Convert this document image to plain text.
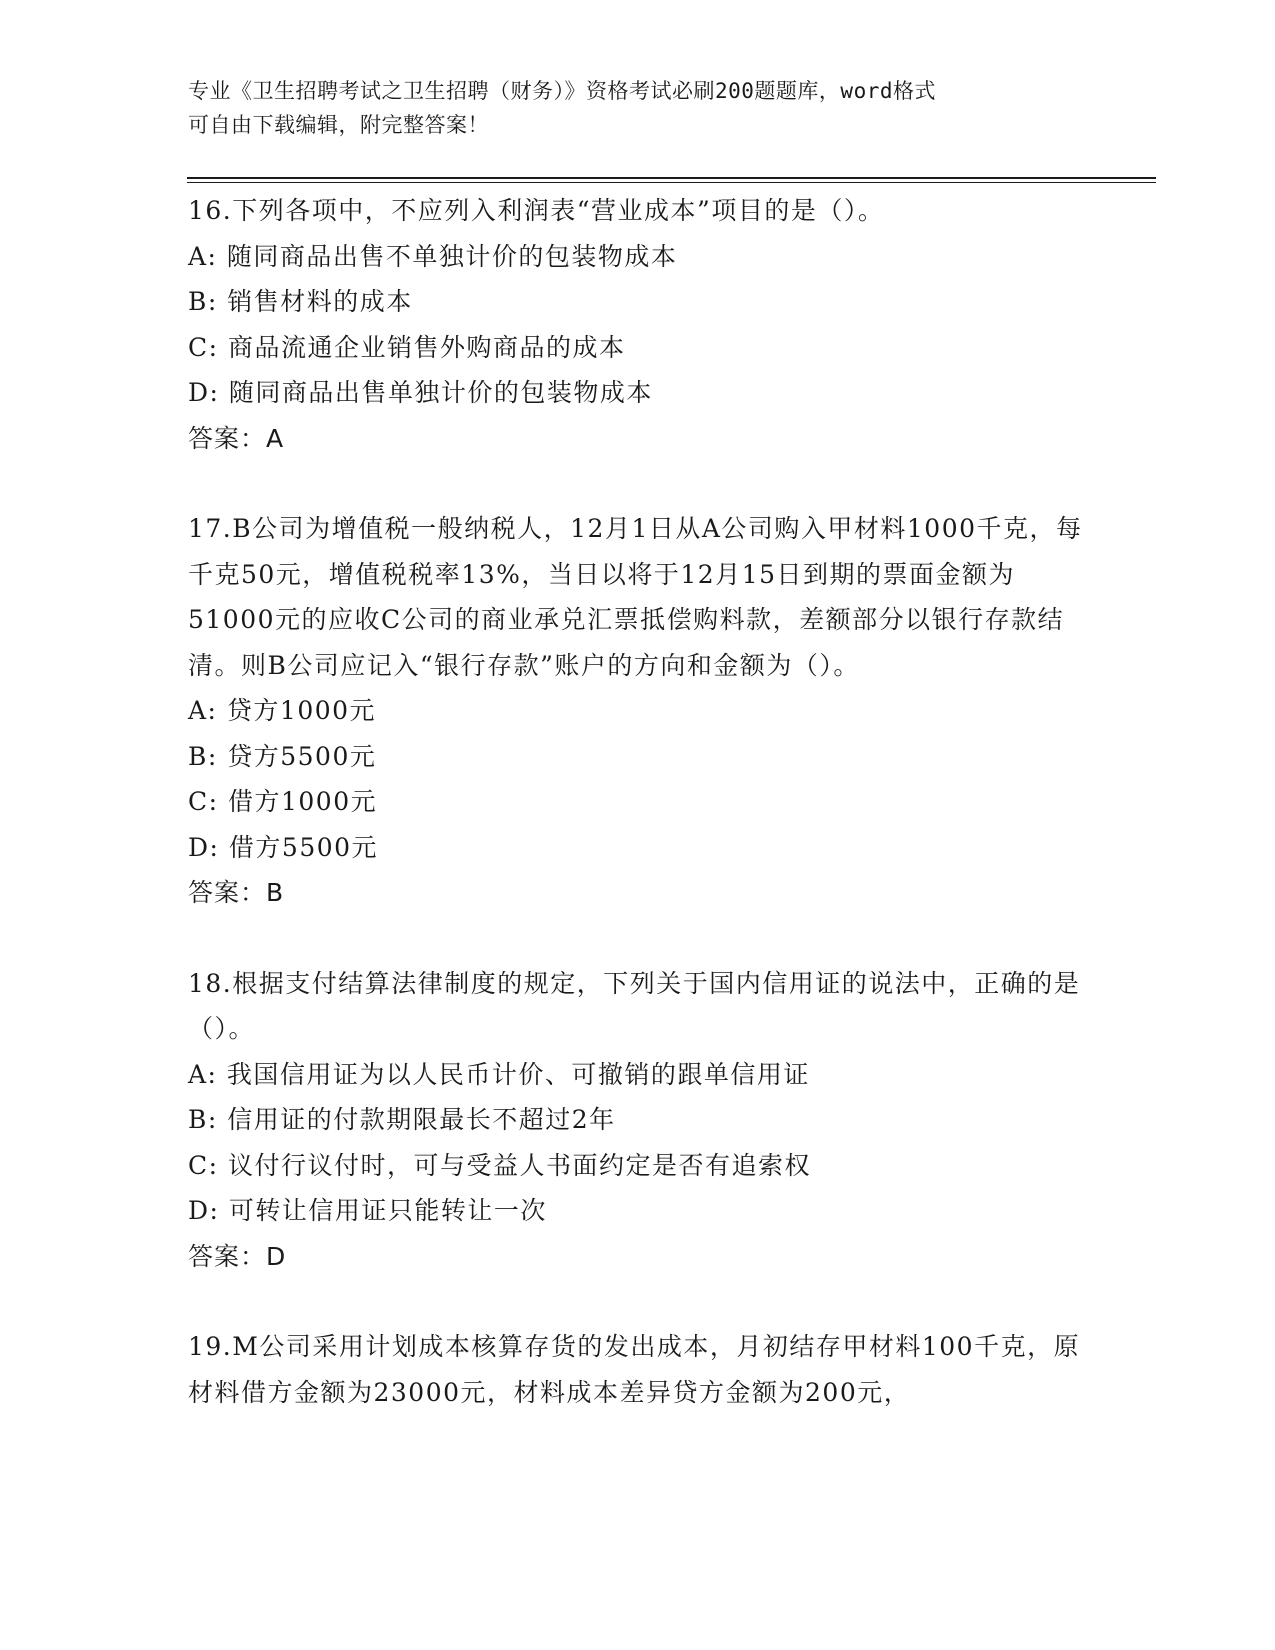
专业《卫生招聘考试之卫生招聘（财务）》资格考试必刷200题题库，word格式
可自由下载编辑，附完整答案！

16.下列各项中，不应列入利润表“营业成本”项目的是（）。

A: 随同商品出售不单独计价的包装物成本

B: 销售材料的成本

C: 商品流通企业销售外购商品的成本

D: 随同商品出售单独计价的包装物成本

答案：A

17.B公司为增值税一般纳税人，12月1日从A公司购入甲材料1000千克，每千克50元，增值税税率13%，当日以将于12月15日到期的票面金额为51000元的应收C公司的商业承兑汇票抵偿购料款，差额部分以银行存款结清。则B公司应记入“银行存款”账户的方向和金额为（）。

A: 贷方1000元

B: 贷方5500元

C: 借方1000元

D: 借方5500元

答案：B

18.根据支付结算法律制度的规定，下列关于国内信用证的说法中，正确的是（）。

A: 我国信用证为以人民币计价、可撤销的跟单信用证

B: 信用证的付款期限最长不超过2年

C: 议付行议付时，可与受益人书面约定是否有追索权

D: 可转让信用证只能转让一次

答案：D

19.M公司采用计划成本核算存货的发出成本，月初结存甲材料100千克，原材料借方金额为23000元，材料成本差异贷方金额为200元，
